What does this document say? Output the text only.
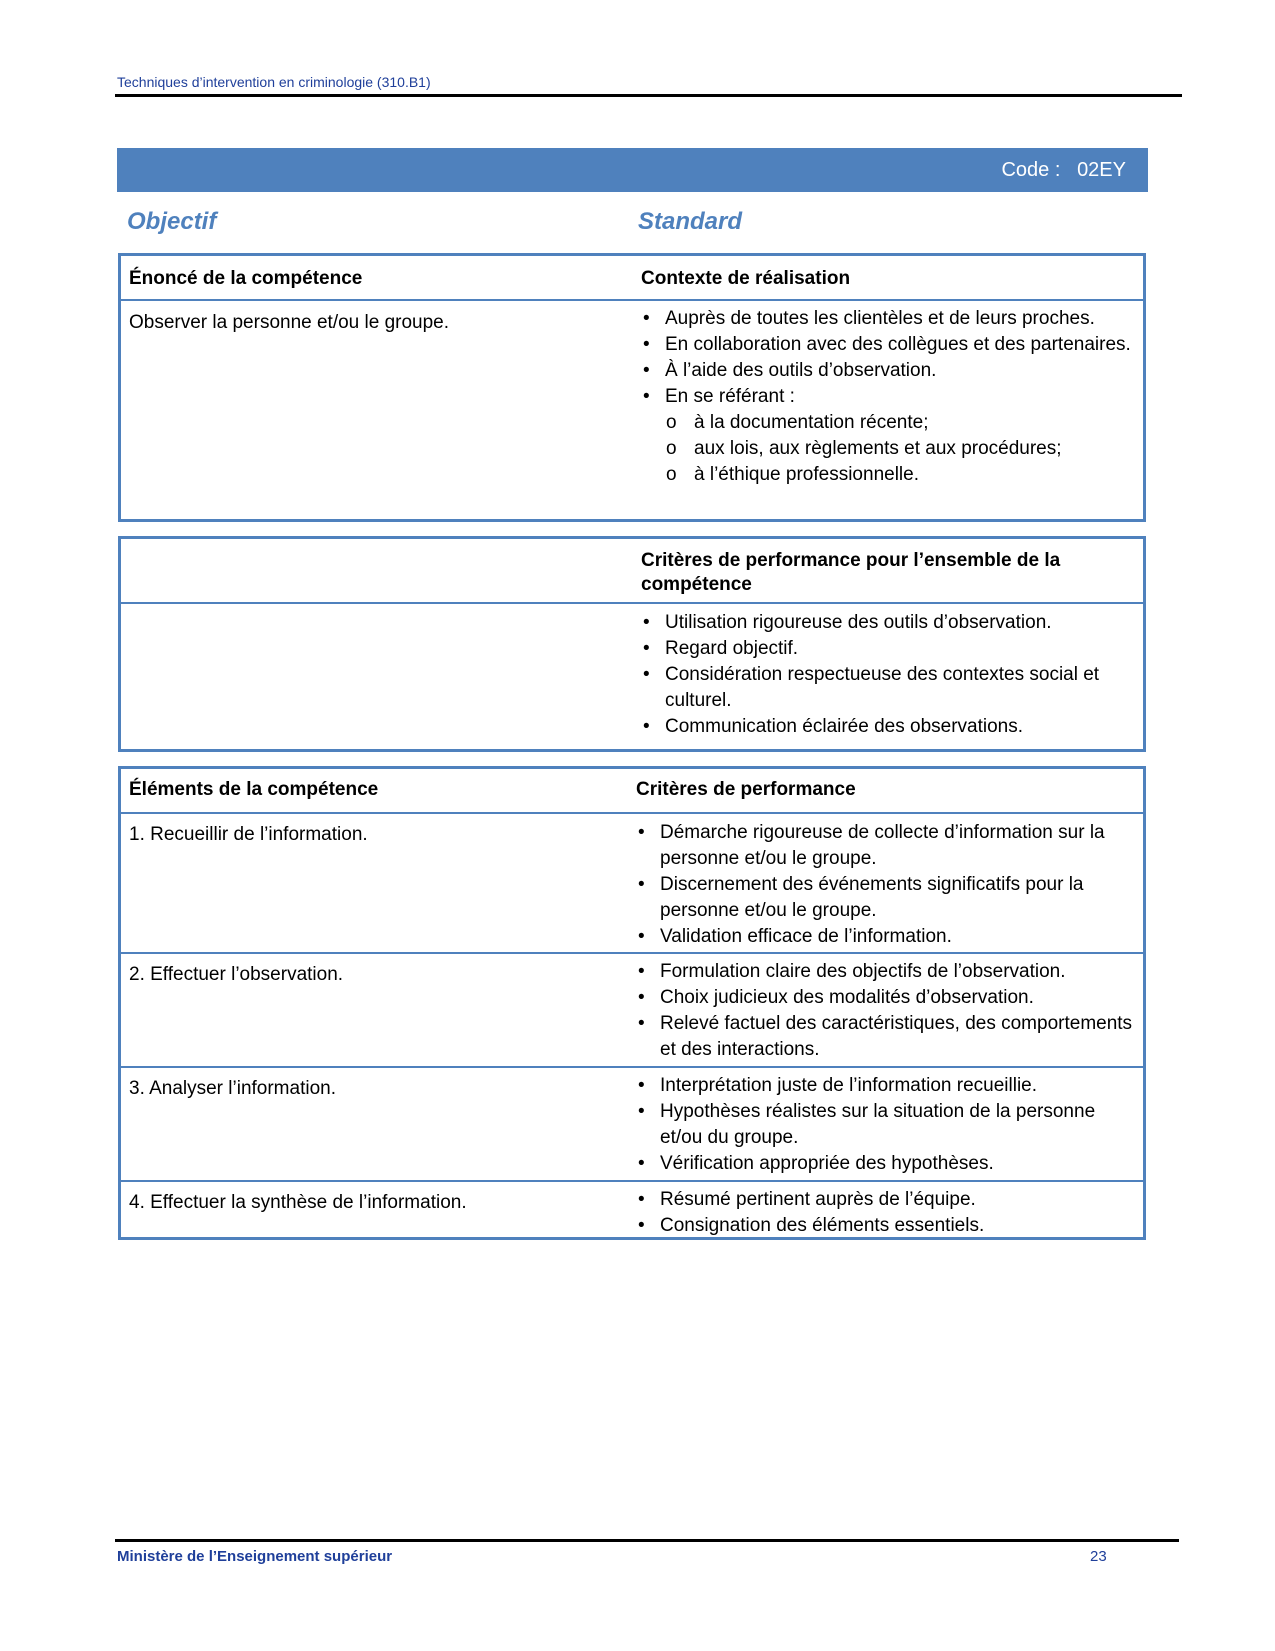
Techniques d’intervention en criminologie (310.B1)
Code : 02EY
Objectif	Standard
Énoncé de la compétence	Contexte de réalisation
Observer la personne et/ou le groupe.	• Auprès de toutes les clientèles et de leurs proches.
• En collaboration avec des collègues et des partenaires.
• À l’aide des outils d’observation.
• En se référant :
o à la documentation récente;
o aux lois, aux règlements et aux procédures;
o à l’éthique professionnelle.
Critères de performance pour l’ensemble de la compétence
• Utilisation rigoureuse des outils d’observation.
• Regard objectif.
• Considération respectueuse des contextes social et culturel.
• Communication éclairée des observations.
Éléments de la compétence	Critères de performance
1. Recueillir de l’information.	• Démarche rigoureuse de collecte d’information sur la personne et/ou le groupe.
• Discernement des événements significatifs pour la personne et/ou le groupe.
• Validation efficace de l’information.
2. Effectuer l’observation.	• Formulation claire des objectifs de l’observation.
• Choix judicieux des modalités d’observation.
• Relevé factuel des caractéristiques, des comportements et des interactions.
3. Analyser l’information.	• Interprétation juste de l’information recueillie.
• Hypothèses réalistes sur la situation de la personne et/ou du groupe.
• Vérification appropriée des hypothèses.
4. Effectuer la synthèse de l’information.	• Résumé pertinent auprès de l’équipe.
• Consignation des éléments essentiels.
Ministère de l’Enseignement supérieur	23
